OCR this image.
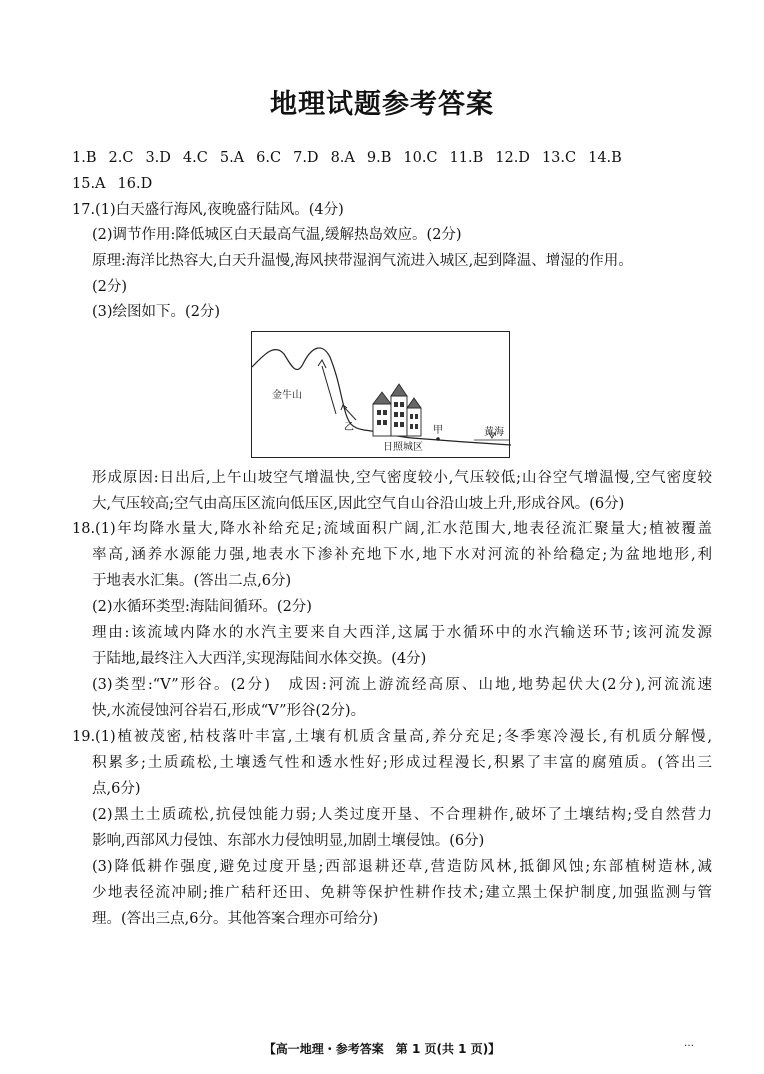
地理试题参考答案
1.B 2.C 3.D 4.C 5.A 6.C 7.D 8.A 9.B 10.C 11.B 12.D 13.C 14.B
15.A 16.D
17.(1)白天盛行海风,夜晚盛行陆风。(4分)
(2)调节作用:降低城区白天最高气温,缓解热岛效应。(2分)
原理:海洋比热容大,白天升温慢,海风挟带湿润气流进入城区,起到降温、增湿的作用。
(2分)
(3)绘图如下。(2分)
金牛山
乙	甲
日照城区
黄海
形成原因:日出后,上午山坡空气增温快,空气密度较小,气压较低;山谷空气增温慢,空气密度较
大,气压较高;空气由高压区流向低压区,因此空气自山谷沿山坡上升,形成谷风。(6分)
18.(1)年均降水量大,降水补给充足;流域面积广阔,汇水范围大,地表径流汇聚量大;植被覆盖
率高,涵养水源能力强,地表水下渗补充地下水,地下水对河流的补给稳定;为盆地地形,利
于地表水汇集。(答出二点,6分)
(2)水循环类型:海陆间循环。(2分)
理由:该流域内降水的水汽主要来自大西洋,这属于水循环中的水汽输送环节;该河流发源
于陆地,最终注入大西洋,实现海陆间水体交换。(4分)
(3)类型:“V”形谷。(2分)　成因:河流上游流经高原、山地,地势起伏大(2分),河流流速
快,水流侵蚀河谷岩石,形成“V”形谷(2分)。
19.(1)植被茂密,枯枝落叶丰富,土壤有机质含量高,养分充足;冬季寒冷漫长,有机质分解慢,
积累多;土质疏松,土壤透气性和透水性好;形成过程漫长,积累了丰富的腐殖质。(答出三
点,6分)
(2)黑土土质疏松,抗侵蚀能力弱;人类过度开垦、不合理耕作,破坏了土壤结构;受自然营力
影响,西部风力侵蚀、东部水力侵蚀明显,加剧土壤侵蚀。(6分)
(3)降低耕作强度,避免过度开垦;西部退耕还草,营造防风林,抵御风蚀;东部植树造林,减
少地表径流冲刷;推广秸秆还田、免耕等保护性耕作技术;建立黑土保护制度,加强监测与管
理。(答出三点,6分。其他答案合理亦可给分)
【高一地理・参考答案　第 1 页(共 1 页)】	…
